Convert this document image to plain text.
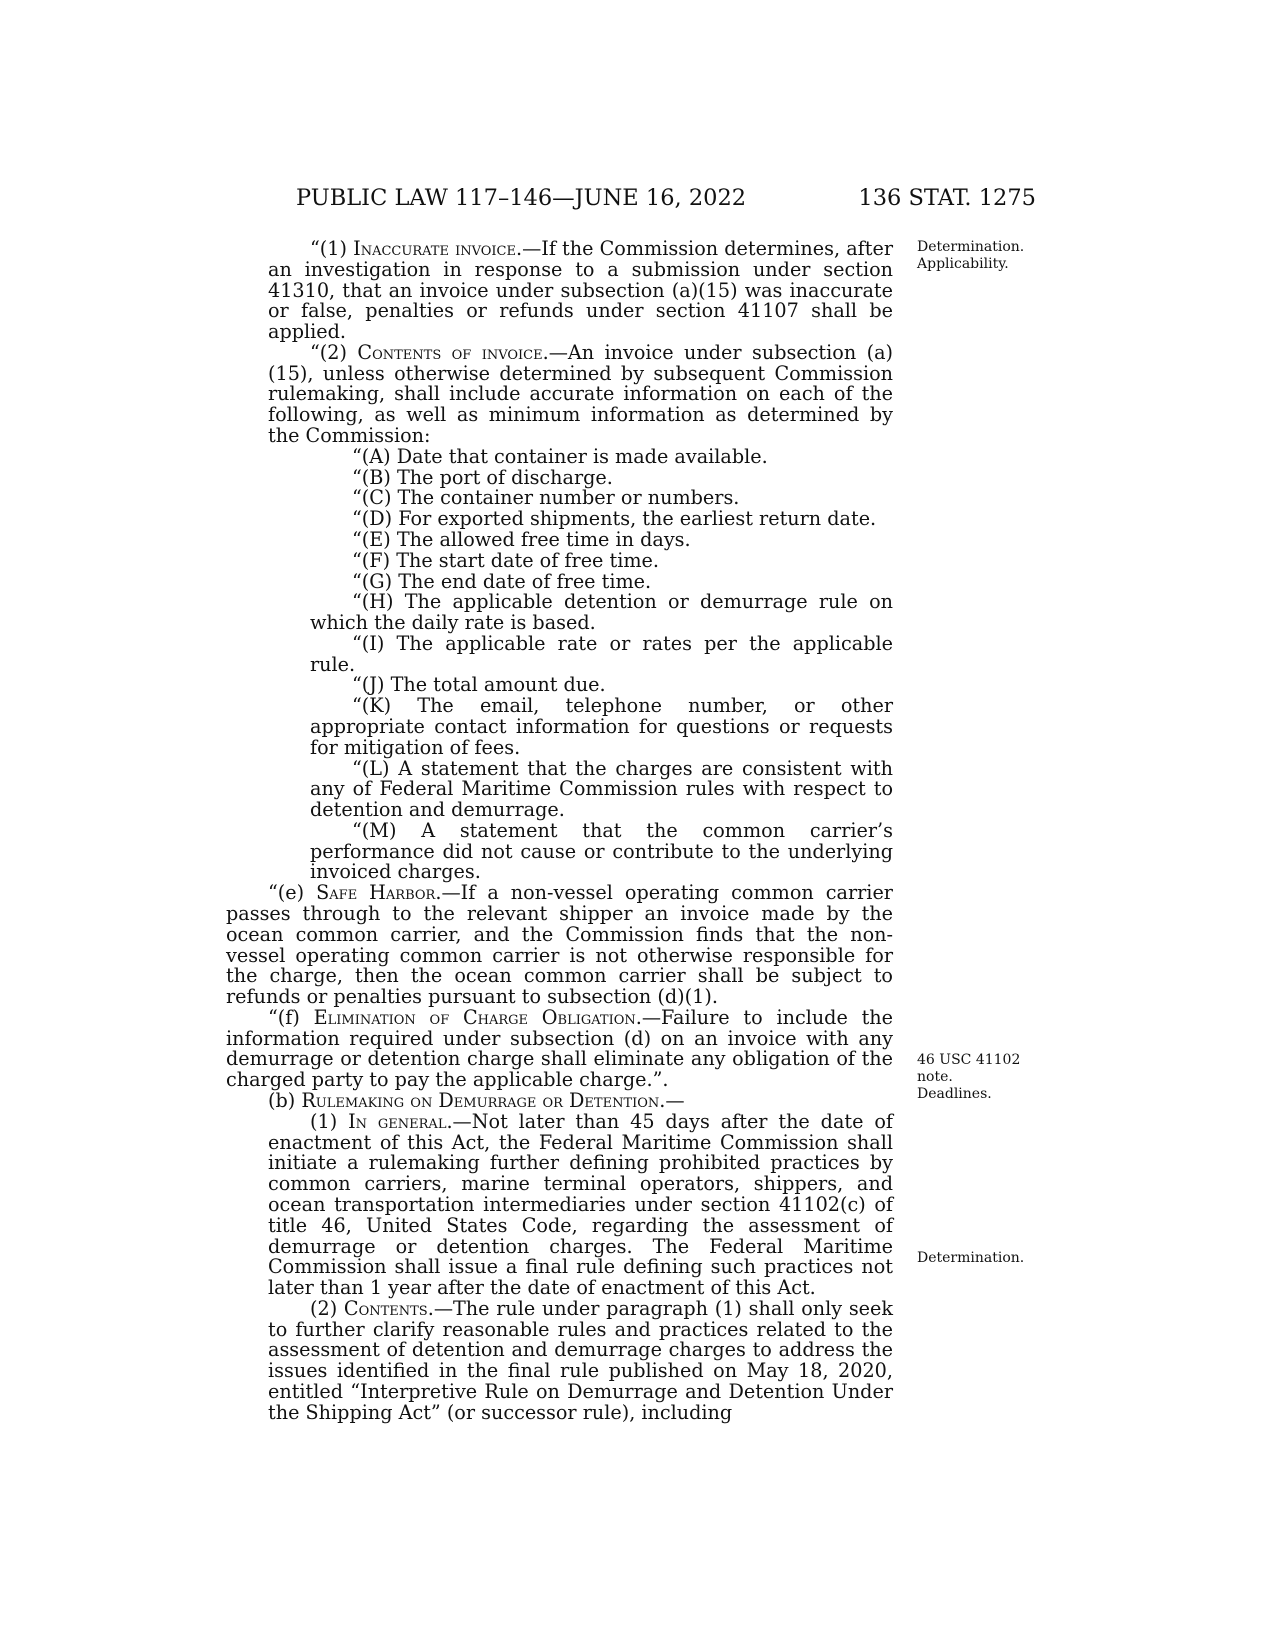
PUBLIC LAW 117–146—JUNE 16, 2022	136 STAT. 1275
Determination.
Applicability.
46 USC 41102
note.
Deadlines.
Determination.

“(1) Inaccurate invoice.—If the Commission determines, after an investigation in response to a submission under section 41310, that an invoice under subsection (a)(15) was inaccurate or false, penalties or refunds under section 41107 shall be applied.

“(2) Contents of invoice.—An invoice under subsection (a)(15), unless otherwise determined by subsequent Commission rulemaking, shall include accurate information on each of the following, as well as minimum information as determined by the Commission:

“(A) Date that container is made available.

“(B) The port of discharge.

“(C) The container number or numbers.

“(D) For exported shipments, the earliest return date.

“(E) The allowed free time in days.

“(F) The start date of free time.

“(G) The end date of free time.

“(H) The applicable detention or demurrage rule on which the daily rate is based.

“(I) The applicable rate or rates per the applicable rule.

“(J) The total amount due.

“(K) The email, telephone number, or other appropriate contact information for questions or requests for mitigation of fees.

“(L) A statement that the charges are consistent with any of Federal Maritime Commission rules with respect to detention and demurrage.

“(M) A statement that the common carrier’s performance did not cause or contribute to the underlying invoiced charges.

“(e) Safe Harbor.—If a non-vessel operating common carrier passes through to the relevant shipper an invoice made by the ocean common carrier, and the Commission finds that the non-vessel operating common carrier is not otherwise responsible for the charge, then the ocean common carrier shall be subject to refunds or penalties pursuant to subsection (d)(1).

“(f) Elimination of Charge Obligation.—Failure to include the information required under subsection (d) on an invoice with any demurrage or detention charge shall eliminate any obligation of the charged party to pay the applicable charge.”.

(b) Rulemaking on Demurrage or Detention.—

(1) In general.—Not later than 45 days after the date of enactment of this Act, the Federal Maritime Commission shall initiate a rulemaking further defining prohibited practices by common carriers, marine terminal operators, shippers, and ocean transportation intermediaries under section 41102(c) of title 46, United States Code, regarding the assessment of demurrage or detention charges. The Federal Maritime Commission shall issue a final rule defining such practices not later than 1 year after the date of enactment of this Act.

(2) Contents.—The rule under paragraph (1) shall only seek to further clarify reasonable rules and practices related to the assessment of detention and demurrage charges to address the issues identified in the final rule published on May 18, 2020, entitled “Interpretive Rule on Demurrage and Detention Under the Shipping Act” (or successor rule), including
